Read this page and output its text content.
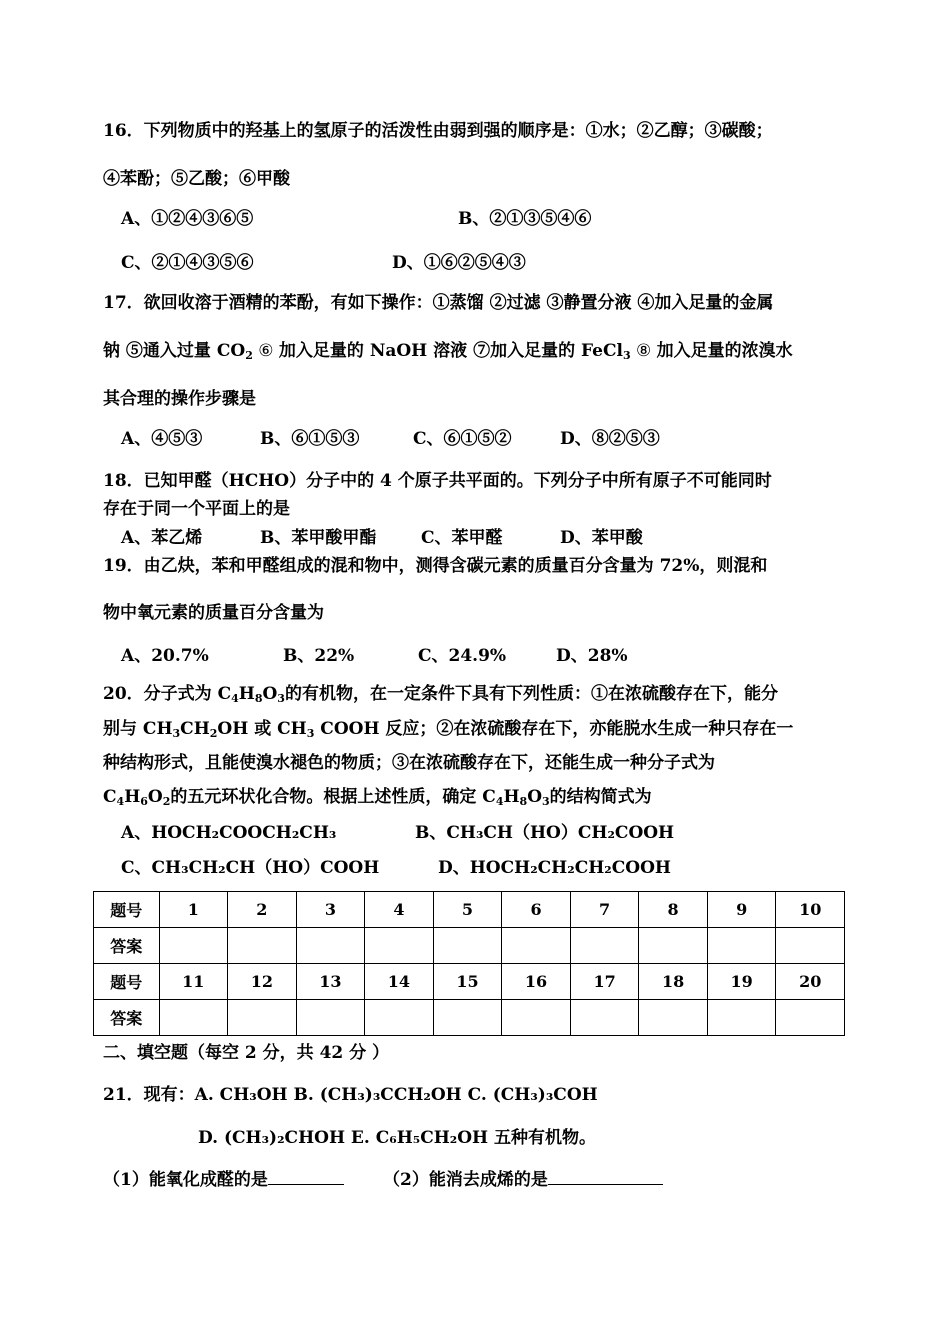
16．下列物质中的羟基上的氢原子的活泼性由弱到强的顺序是：①水；②乙醇；③碳酸；
④苯酚；⑤乙酸；⑥甲酸
A、①②④③⑥⑤	B、②①③⑤④⑥
C、②①④③⑤⑥	D、①⑥②⑤④③
17．欲回收溶于酒精的苯酚，有如下操作：①蒸馏 ②过滤 ③静置分液 ④加入足量的金属
钠 ⑤通入过量 $CO_2$ ⑥ 加入足量的 NaOH 溶液 ⑦加入足量的 FeCl$_3$ ⑧ 加入足量的浓溴水
其合理的操作步骤是
A、④⑤③	B、⑥①⑤③	C、⑥①⑤②	D、⑧②⑤③
18．已知甲醛（HCHO）分子中的 4 个原子共平面的。下列分子中所有原子不可能同时
存在于同一个平面上的是
A、苯乙烯	B、苯甲酸甲酯	C、苯甲醛	D、苯甲酸
19．由乙炔，苯和甲醛组成的混和物中，测得含碳元素的质量百分含量为 72%，则混和
物中氧元素的质量百分含量为
A、20.7%	B、22%	C、24.9%	D、28%
20．分子式为 $C_4H_8O_3$的有机物，在一定条件下具有下列性质：①在浓硫酸存在下，能分
别与 $CH_3CH_2OH$ 或 $CH_3$ COOH 反应；②在浓硫酸存在下，亦能脱水生成一种只存在一
种结构形式，且能使溴水褪色的物质；③在浓硫酸存在下，还能生成一种分子式为
$C_4H_6O_2$的五元环状化合物。根据上述性质，确定 $C_4H_8O_3$的结构简式为
A、HOCH₂COOCH₂CH₃	B、CH₃CH（HO）CH₂COOH
C、CH₃CH₂CH（HO）COOH	D、HOCH₂CH₂CH₂COOH
题号	1	2	3	4	5	6	7	8	9	10
答案										
题号	11	12	13	14	15	16	17	18	19	20
答案										
二、填空题（每空 2 分，共 42 分 ）
21．现有：A. CH₃OH B. (CH₃)₃CCH₂OH C. (CH₃)₃COH
D. (CH₃)₂CHOH E. C₆H₅CH₂OH 五种有机物。
（1）能氧化成醛的是	（2）能消去成烯的是
